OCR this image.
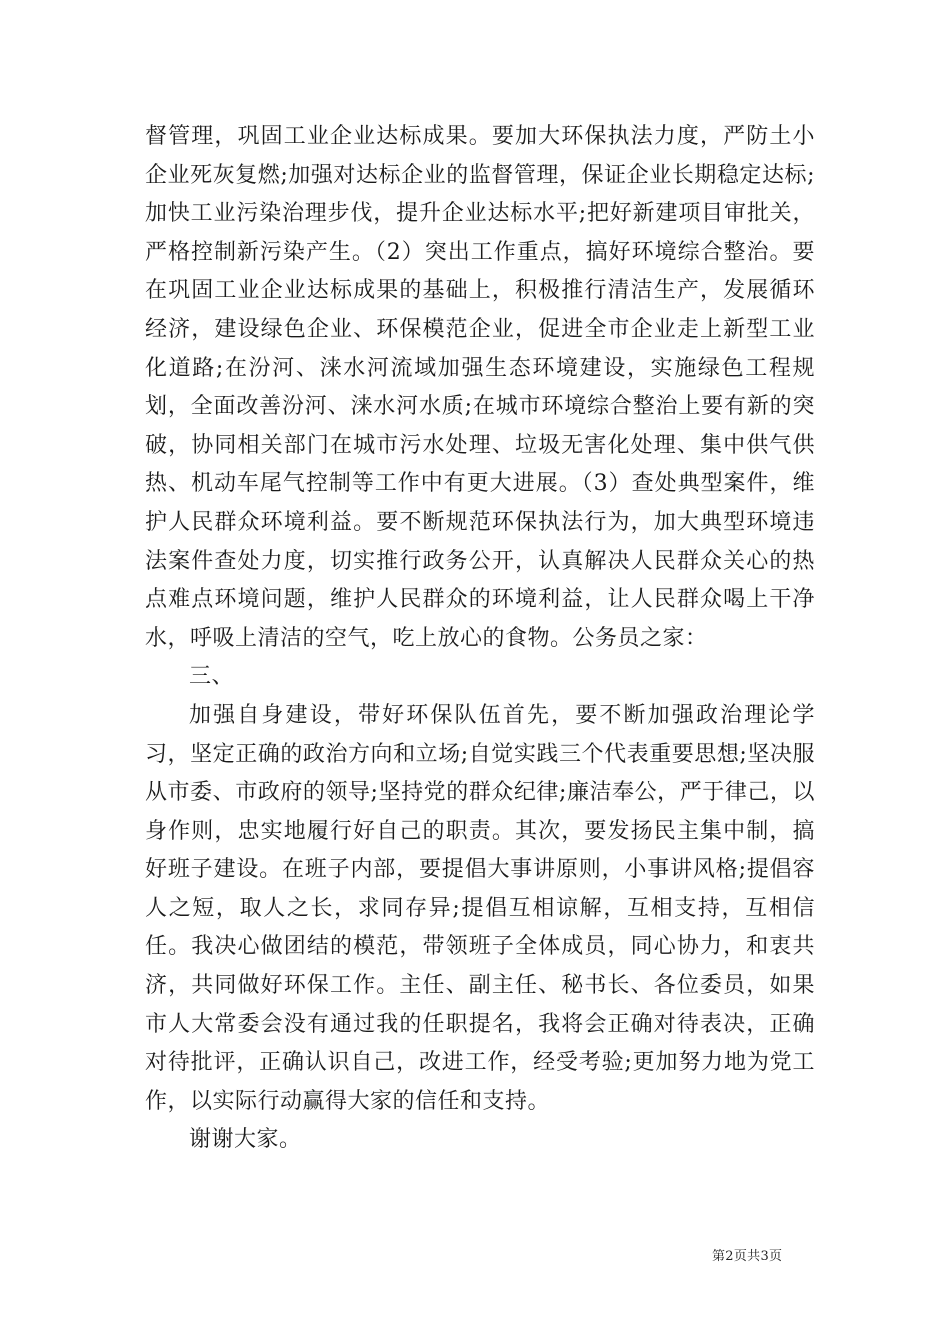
督管理，巩固工业企业达标成果。要加大环保执法力度，严防土小企业死灰复燃;加强对达标企业的监督管理，保证企业长期稳定达标;加快工业污染治理步伐，提升企业达标水平;把好新建项目审批关，严格控制新污染产生。（2）突出工作重点，搞好环境综合整治。要在巩固工业企业达标成果的基础上，积极推行清洁生产，发展循环经济，建设绿色企业、环保模范企业，促进全市企业走上新型工业化道路;在汾河、涞水河流域加强生态环境建设，实施绿色工程规划，全面改善汾河、涞水河水质;在城市环境综合整治上要有新的突破，协同相关部门在城市污水处理、垃圾无害化处理、集中供气供热、机动车尾气控制等工作中有更大进展。（3）查处典型案件，维护人民群众环境利益。要不断规范环保执法行为，加大典型环境违法案件查处力度，切实推行政务公开，认真解决人民群众关心的热点难点环境问题，维护人民群众的环境利益，让人民群众喝上干净水，呼吸上清洁的空气，吃上放心的食物。公务员之家：

三、

加强自身建设，带好环保队伍首先，要不断加强政治理论学习，坚定正确的政治方向和立场;自觉实践三个代表重要思想;坚决服从市委、市政府的领导;坚持党的群众纪律;廉洁奉公，严于律己，以身作则，忠实地履行好自己的职责。其次，要发扬民主集中制，搞好班子建设。在班子内部，要提倡大事讲原则，小事讲风格;提倡容人之短，取人之长，求同存异;提倡互相谅解，互相支持，互相信任。我决心做团结的模范，带领班子全体成员，同心协力，和衷共济，共同做好环保工作。主任、副主任、秘书长、各位委员，如果市人大常委会没有通过我的任职提名，我将会正确对待表决，正确对待批评，正确认识自己，改进工作，经受考验;更加努力地为党工作，以实际行动赢得大家的信任和支持。

谢谢大家。

第2页共3页
